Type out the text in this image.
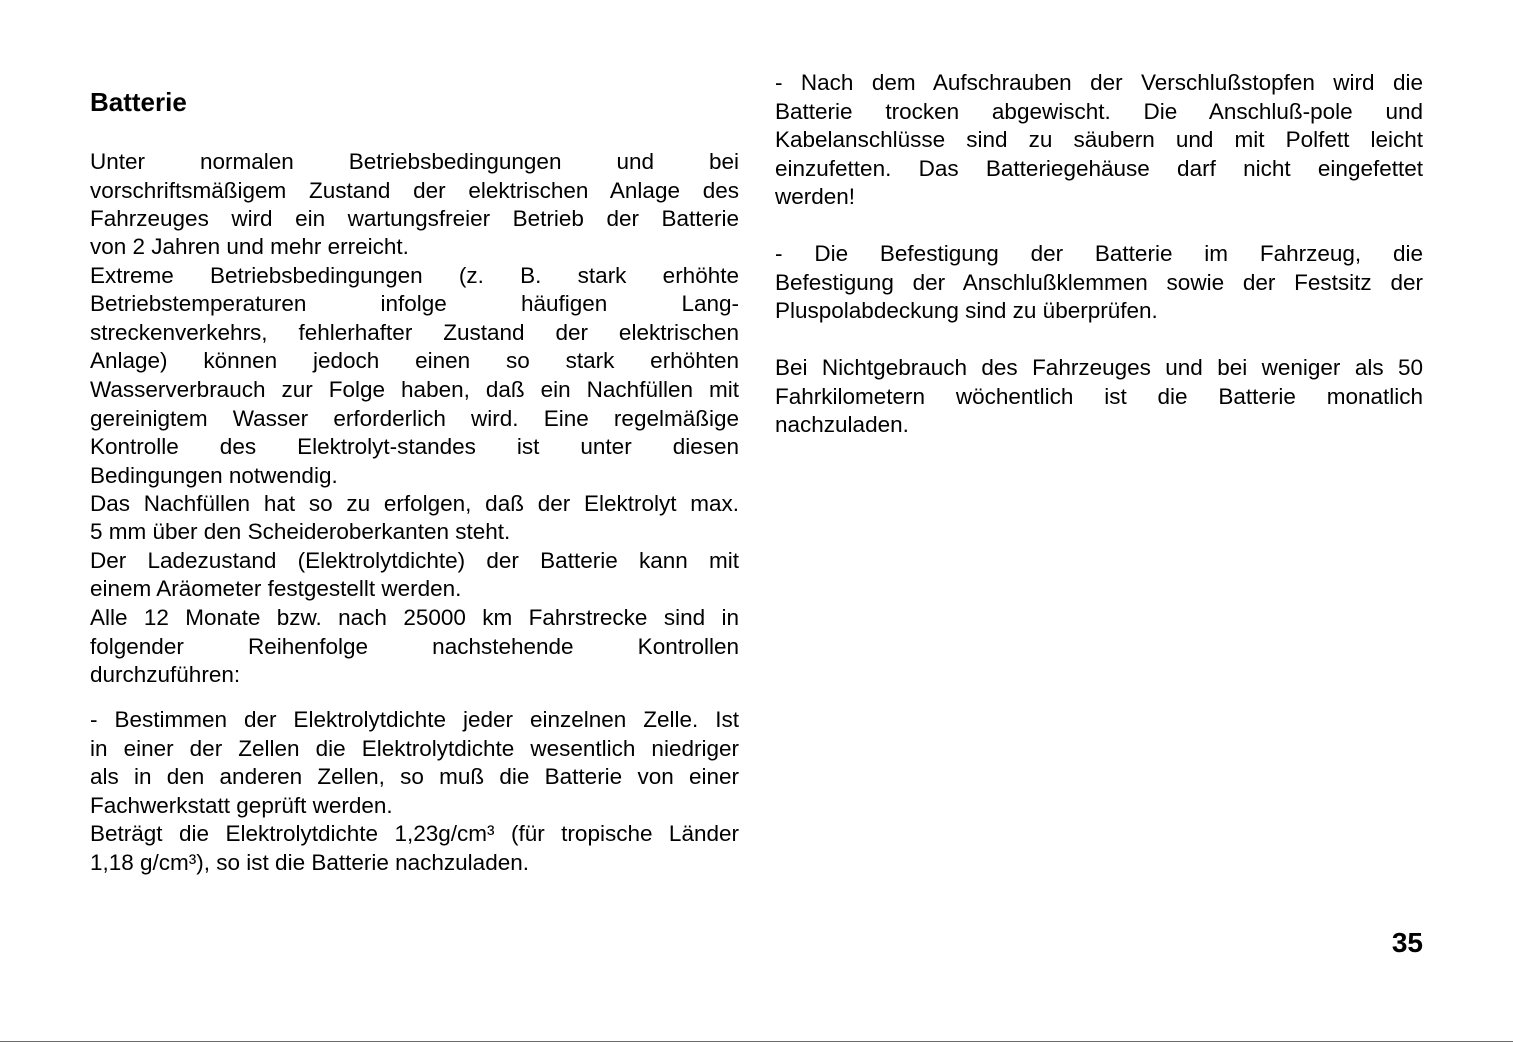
Batterie
Unter normalen Betriebsbedingungen und bei
vorschriftsmäßigem Zustand der elektrischen Anlage des
Fahrzeuges wird ein wartungsfreier Betrieb der Batterie
von 2 Jahren und mehr erreicht.
Extreme Betriebsbedingungen (z. B. stark erhöhte
Betriebstemperaturen infolge häufigen Lang-
streckenverkehrs, fehlerhafter Zustand der elektrischen
Anlage) können jedoch einen so stark erhöhten
Wasserverbrauch zur Folge haben, daß ein Nachfüllen mit
gereinigtem Wasser erforderlich wird. Eine regelmäßige
Kontrolle des Elektrolyt-standes ist unter diesen
Bedingungen notwendig.
Das Nachfüllen hat so zu erfolgen, daß der Elektrolyt max.
5 mm über den Scheideroberkanten steht.
Der Ladezustand (Elektrolytdichte) der Batterie kann mit
einem Aräometer festgestellt werden.
Alle 12 Monate bzw. nach 25000 km Fahrstrecke sind in
folgender Reihenfolge nachstehende Kontrollen
durchzuführen:
- Bestimmen der Elektrolytdichte jeder einzelnen Zelle. Ist
in einer der Zellen die Elektrolytdichte wesentlich niedriger
als in den anderen Zellen, so muß die Batterie von einer
Fachwerkstatt geprüft werden.
Beträgt die Elektrolytdichte 1,23g/cm³ (für tropische Länder
1,18 g/cm³), so ist die Batterie nachzuladen.
- Nach dem Aufschrauben der Verschlußstopfen wird die
Batterie trocken abgewischt. Die Anschluß-pole und
Kabelanschlüsse sind zu säubern und mit Polfett leicht
einzufetten. Das Batteriegehäuse darf nicht eingefettet
werden!
- Die Befestigung der Batterie im Fahrzeug, die
Befestigung der Anschlußklemmen sowie der Festsitz der
Pluspolabdeckung sind zu überprüfen.
Bei Nichtgebrauch des Fahrzeuges und bei weniger als 50
Fahrkilometern wöchentlich ist die Batterie monatlich
nachzuladen.
35
